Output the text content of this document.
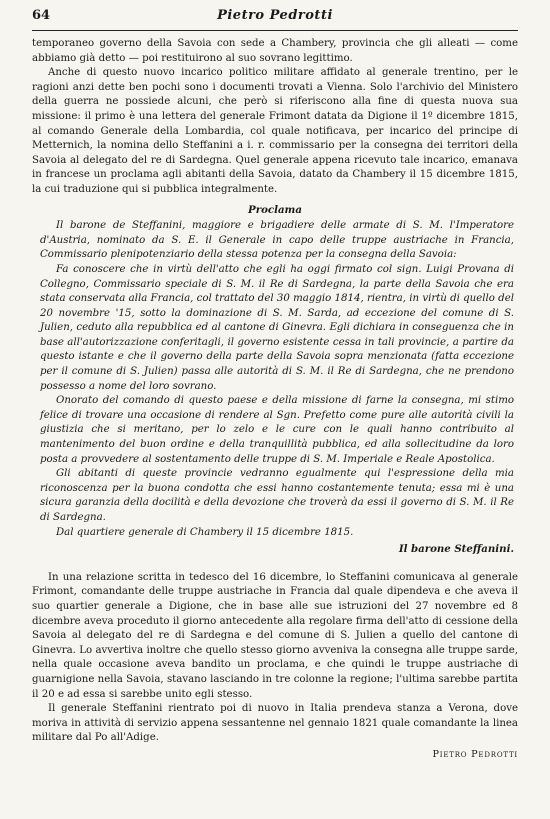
64	Pietro Pedrotti

temporaneo governo della Savoia con sede a Chambery, provincia che gli alleati — come abbiamo già detto — poi restituirono al suo sovrano legittimo.

Anche di questo nuovo incarico politico militare affidato al generale trentino, per le ragioni anzi dette ben pochi sono i documenti trovati a Vienna. Solo l'archivio del Ministero della guerra ne possiede alcuni, che però si riferiscono alla fine di questa nuova sua missione: il primo è una lettera del generale Frimont datata da Digione il 1º dicembre 1815, al comando Generale della Lombardia, col quale notificava, per incarico del principe di Metternich, la nomina dello Steffanini a i. r. commissario per la consegna dei territori della Savoia al delegato del re di Sardegna. Quel generale appena ricevuto tale incarico, emanava in francese un proclama agli abitanti della Savoia, datato da Chambery il 15 dicembre 1815, la cui traduzione qui si pubblica integralmente.

Proclama

Il barone de Steffanini, maggiore e brigadiere delle armate di S. M. l'Imperatore d'Austria, nominato da S. E. il Generale in capo delle truppe austriache in Francia, Commissario plenipotenziario della stessa potenza per la consegna della Savoia:

Fa conoscere che in virtù dell'atto che egli ha oggi firmato col sign. Luigi Provana di Collegno, Commissario speciale di S. M. il Re di Sardegna, la parte della Savoia che era stata conservata alla Francia, col trattato del 30 maggio 1814, rientra, in virtù di quello del 20 novembre '15, sotto la dominazione di S. M. Sarda, ad eccezione del comune di S. Julien, ceduto alla repubblica ed al cantone di Ginevra. Egli dichiara in conseguenza che in base all'autorizzazione conferitagli, il governo esistente cessa in tali provincie, a partire da questo istante e che il governo della parte della Savoia sopra menzionata (fatta eccezione per il comune di S. Julien) passa alle autorità di S. M. il Re di Sardegna, che ne prendono possesso a nome del loro sovrano.

Onorato del comando di questo paese e della missione di farne la consegna, mi stimo felice di trovare una occasione di rendere al Sgn. Prefetto come pure alle autorità civili la giustizia che si meritano, per lo zelo e le cure con le quali hanno contribuito al mantenimento del buon ordine e della tranquillità pubblica, ed alla sollecitudine da loro posta a provvedere al sostentamento delle truppe di S. M. Imperiale e Reale Apostolica.

Gli abitanti di queste provincie vedranno egualmente qui l'espressione della mia riconoscenza per la buona condotta che essi hanno costantemente tenuta; essa mi è una sicura garanzia della docilità e della devozione che troverà da essi il governo di S. M. il Re di Sardegna.

Dal quartiere generale di Chambery il 15 dicembre 1815.

Il barone Steffanini.

In una relazione scritta in tedesco del 16 dicembre, lo Steffanini comunicava al generale Frimont, comandante delle truppe austriache in Francia dal quale dipendeva e che aveva il suo quartier generale a Digione, che in base alle sue istruzioni del 27 novembre ed 8 dicembre aveva proceduto il giorno antecedente alla regolare firma dell'atto di cessione della Savoia al delegato del re di Sardegna e del comune di S. Julien a quello del cantone di Ginevra. Lo avvertiva inoltre che quello stesso giorno avveniva la consegna alle truppe sarde, nella quale occasione aveva bandito un proclama, e che quindi le truppe austriache di guarnigione nella Savoia, stavano lasciando in tre colonne la regione; l'ultima sarebbe partita il 20 e ad essa si sarebbe unito egli stesso.

Il generale Steffanini rientrato poi di nuovo in Italia prendeva stanza a Verona, dove moriva in attività di servizio appena sessantenne nel gennaio 1821 quale comandante la linea militare dal Po all'Adige.

Pietro Pedrotti
